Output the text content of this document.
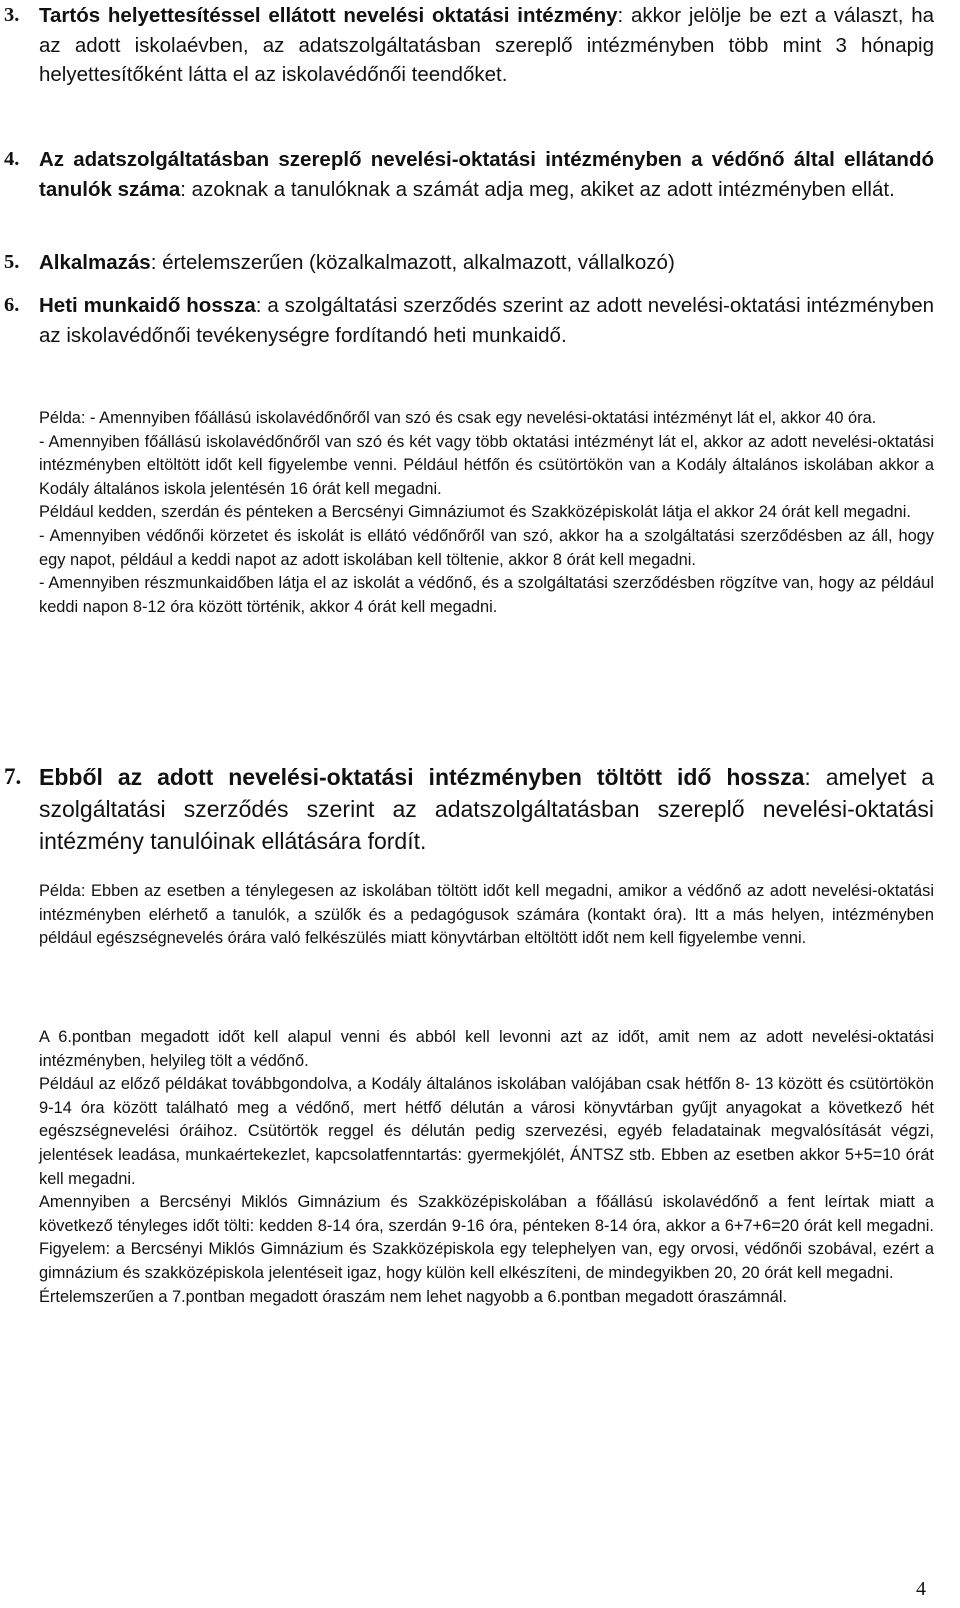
3. Tartós helyettesítéssel ellátott nevelési oktatási intézmény: akkor jelölje be ezt a választ, ha az adott iskolaévben, az adatszolgáltatásban szereplő intézményben több mint 3 hónapig helyettesítőként látta el az iskolavédőnői teendőket.
4. Az adatszolgáltatásban szereplő nevelési-oktatási intézményben a védőnő által ellátandó tanulók száma: azoknak a tanulóknak a számát adja meg, akiket az adott intézményben ellát.
5. Alkalmazás: értelemszerűen (közalkalmazott, alkalmazott, vállalkozó)
6. Heti munkaidő hossza: a szolgáltatási szerződés szerint az adott nevelési-oktatási intézményben az iskolavédőnői tevékenységre fordítandó heti munkaidő.
Példa: - Amennyiben főállású iskolavédőnőről van szó és csak egy nevelési-oktatási intézményt lát el, akkor 40 óra.
- Amennyiben főállású iskolavédőnőről van szó és két vagy több oktatási intézményt lát el, akkor az adott nevelési-oktatási intézményben eltöltött időt kell figyelembe venni. Például hétfőn és csütörtökön van a Kodály általános iskolában akkor a Kodály általános iskola jelentésén 16 órát kell megadni.
Például kedden, szerdán és pénteken a Bercsényi Gimnáziumot és Szakközépiskolát látja el akkor 24 órát kell megadni.
- Amennyiben védőnői körzetet és iskolát is ellátó védőnőről van szó, akkor ha a szolgáltatási szerződésben az áll, hogy egy napot, például a keddi napot az adott iskolában kell töltenie, akkor 8 órát kell megadni.
- Amennyiben részmunkaidőben látja el az iskolát a védőnő, és a szolgáltatási szerződésben rögzítve van, hogy az például keddi napon 8-12 óra között történik, akkor 4 órát kell megadni.
7. Ebből az adott nevelési-oktatási intézményben töltött idő hossza: amelyet a szolgáltatási szerződés szerint az adatszolgáltatásban szereplő nevelési-oktatási intézmény tanulóinak ellátására fordít.
Példa: Ebben az esetben a ténylegesen az iskolában töltött időt kell megadni, amikor a védőnő az adott nevelési-oktatási intézményben elérhető a tanulók, a szülők és a pedagógusok számára (kontakt óra). Itt a más helyen, intézményben például egészségnevelés órára való felkészülés miatt könyvtárban eltöltött időt nem kell figyelembe venni.
A 6.pontban megadott időt kell alapul venni és abból kell levonni azt az időt, amit nem az adott nevelési-oktatási intézményben, helyileg tölt a védőnő.
Például az előző példákat továbbgondolva, a Kodály általános iskolában valójában csak hétfőn 8- 13 között és csütörtökön 9-14 óra között található meg a védőnő, mert hétfő délután a városi könyvtárban gyűjt anyagokat a következő hét egészségnevelési óráihoz. Csütörtök reggel és délután pedig szervezési, egyéb feladatainak megvalósítását végzi, jelentések leadása, munkaértekezlet, kapcsolatfenntartás: gyermekjólét, ÁNTSZ stb. Ebben az esetben akkor 5+5=10 órát kell megadni.
Amennyiben a Bercsényi Miklós Gimnázium és Szakközépiskolában a főállású iskolavédőnő a fent leírtak miatt a következő tényleges időt tölti: kedden 8-14 óra, szerdán 9-16 óra, pénteken 8-14 óra, akkor a 6+7+6=20 órát kell megadni. Figyelem: a Bercsényi Miklós Gimnázium és Szakközépiskola egy telephelyen van, egy orvosi, védőnői szobával, ezért a gimnázium és szakközépiskola jelentéseit igaz, hogy külön kell elkészíteni, de mindegyikben 20, 20 órát kell megadni.
Értelemszerűen a 7.pontban megadott óraszám nem lehet nagyobb a 6.pontban megadott óraszámnál.
4
